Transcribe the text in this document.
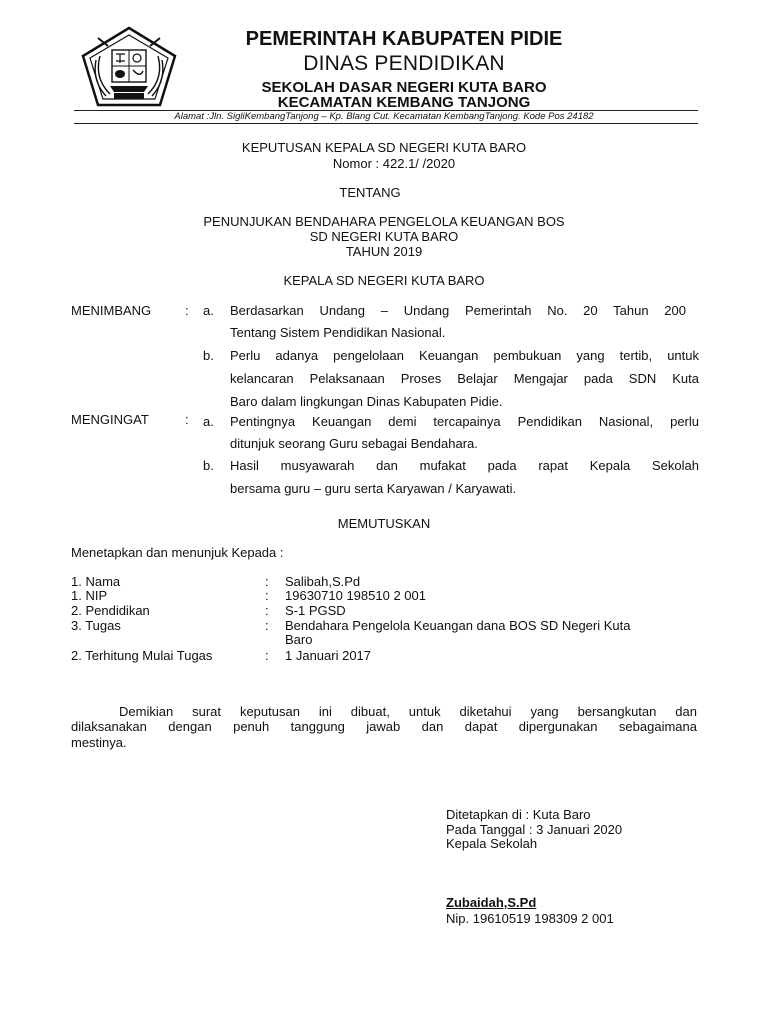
PEMERINTAH KABUPATEN PIDIE
DINAS PENDIDIKAN
SEKOLAH DASAR NEGERI KUTA BARO
KECAMATAN KEMBANG TANJONG
Alamat :Jln. SigliKembangTanjong – Kp. Blang Cut. Kecamatan KembangTanjong. Kode Pos 24182
KEPUTUSAN KEPALA SD NEGERI KUTA BARO
Nomor : 422.1/ /2020
TENTANG
PENUNJUKAN BENDAHARA PENGELOLA KEUANGAN BOS
SD NEGERI KUTA BARO
TAHUN 2019
KEPALA SD NEGERI KUTA BARO
MENIMBANG	: a. Berdasarkan Undang – Undang Pemerintah No. 20 Tahun 200
Tentang Sistem Pendidikan Nasional.
b. Perlu adanya pengelolaan Keuangan pembukuan yang tertib, untuk
kelancaran Pelaksanaan Proses Belajar Mengajar pada SDN Kuta
Baro dalam lingkungan Dinas Kabupaten Pidie.
MENGINGAT	: a. Pentingnya Keuangan demi tercapainya Pendidikan Nasional, perlu
ditunjuk seorang Guru sebagai Bendahara.
b. Hasil musyawarah dan mufakat pada rapat Kepala Sekolah
bersama guru – guru serta Karyawan / Karyawati.
MEMUTUSKAN
Menetapkan dan menunjuk Kepada :
1. Nama	: Salibah,S.Pd
1. NIP	: 19630710 198510 2 001
2. Pendidikan	: S-1 PGSD
3. Tugas	: Bendahara Pengelola Keuangan dana BOS SD Negeri Kuta
Baro
2. Terhitung Mulai Tugas	: 1 Januari 2017
Demikian surat keputusan ini dibuat, untuk diketahui yang bersangkutan dan
dilaksanakan dengan penuh tanggung jawab dan dapat dipergunakan sebagaimana
mestinya.
Ditetapkan di : Kuta Baro
Pada Tanggal : 3 Januari 2020
Kepala Sekolah
Zubaidah,S.Pd
Nip. 19610519 198309 2 001
